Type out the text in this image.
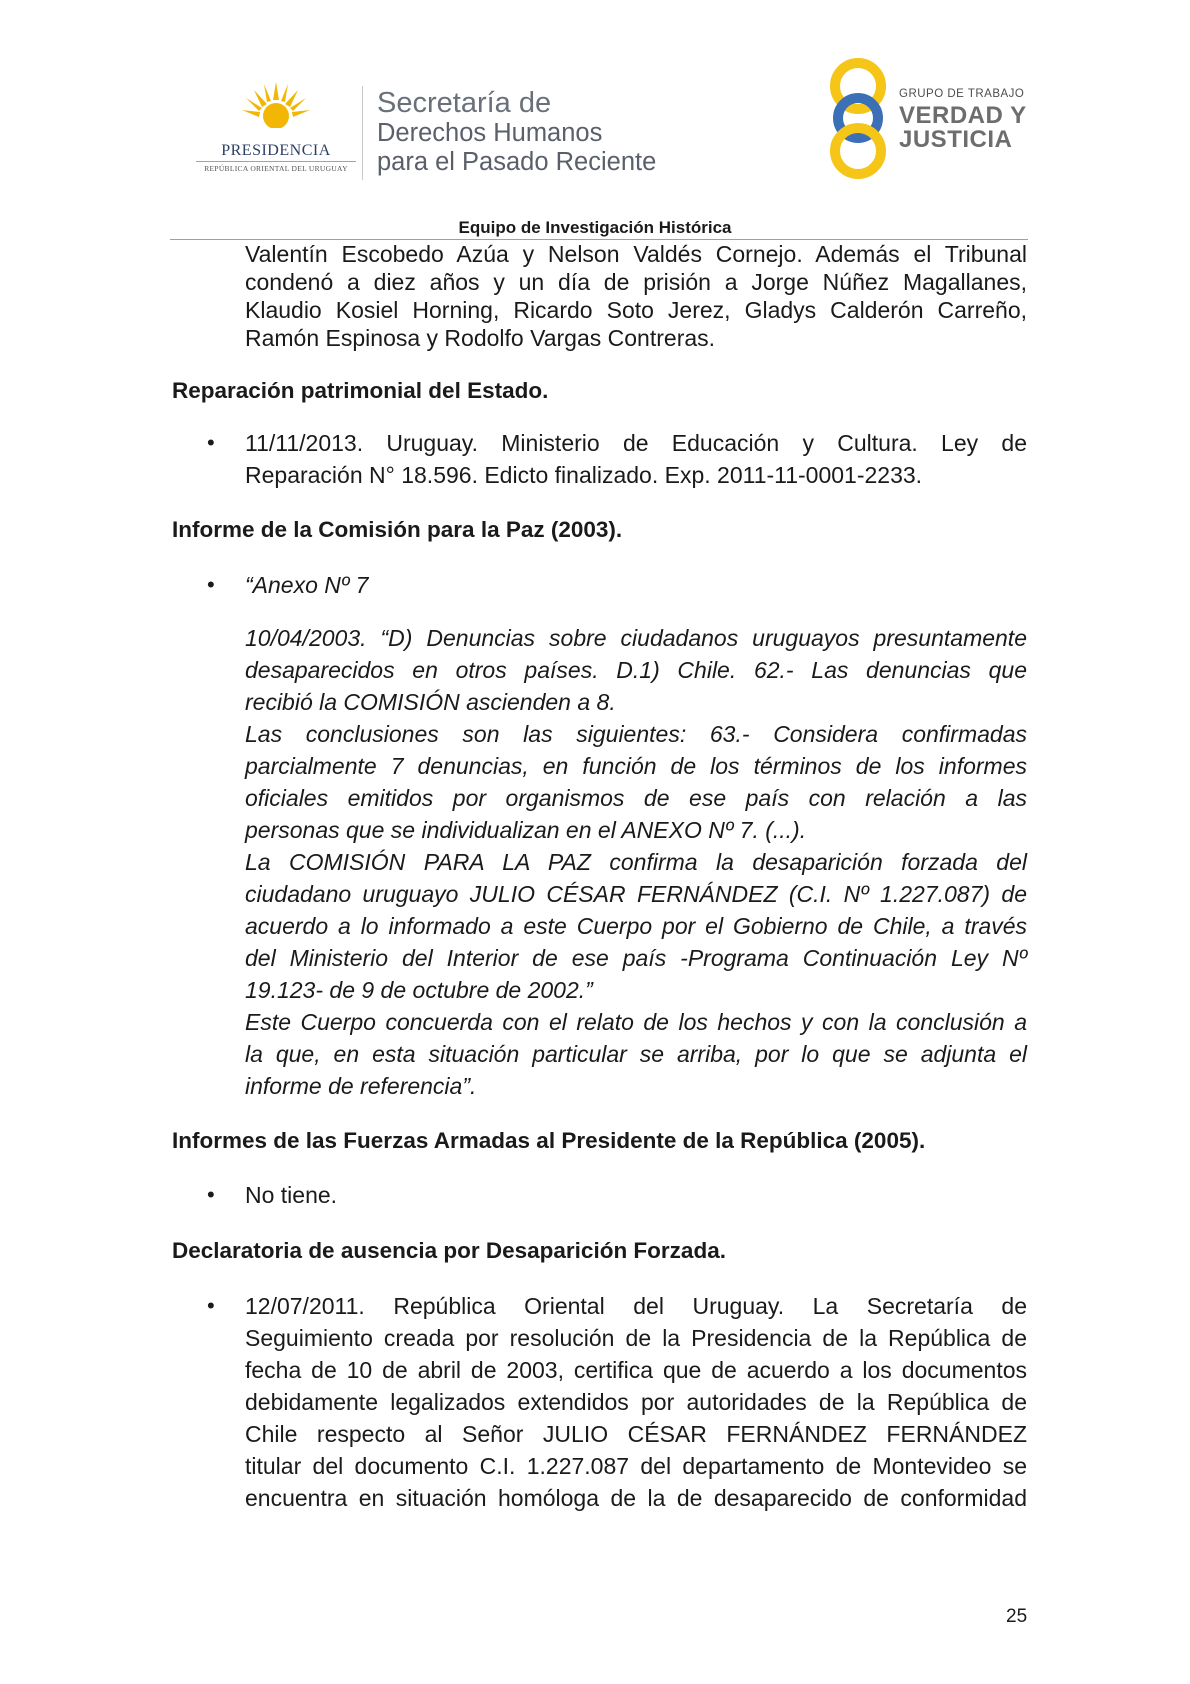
PRESIDENCIA
REPÚBLICA ORIENTAL DEL URUGUAY
Secretaría de
Derechos Humanos
para el Pasado Reciente
GRUPO DE TRABAJO
VERDAD Y
JUSTICIA
Equipo de Investigación Histórica
Valentín Escobedo Azúa y Nelson Valdés Cornejo. Además el Tribunal
condenó a diez años y un día de prisión a Jorge Núñez Magallanes,
Klaudio Kosiel Horning, Ricardo Soto Jerez, Gladys Calderón Carreño,
Ramón Espinosa y Rodolfo Vargas Contreras.
Reparación patrimonial del Estado.
• 11/11/2013. Uruguay. Ministerio de Educación y Cultura. Ley de
Reparación N° 18.596. Edicto finalizado. Exp. 2011-11-0001-2233.
Informe de la Comisión para la Paz (2003).
• “Anexo Nº 7
10/04/2003. “D) Denuncias sobre ciudadanos uruguayos presuntamente
desaparecidos en otros países. D.1) Chile. 62.- Las denuncias que
recibió la COMISIÓN ascienden a 8.
Las conclusiones son las siguientes: 63.- Considera confirmadas
parcialmente 7 denuncias, en función de los términos de los informes
oficiales emitidos por organismos de ese país con relación a las
personas que se individualizan en el ANEXO Nº 7. (...).
La COMISIÓN PARA LA PAZ confirma la desaparición forzada del
ciudadano uruguayo JULIO CÉSAR FERNÁNDEZ (C.I. Nº 1.227.087) de
acuerdo a lo informado a este Cuerpo por el Gobierno de Chile, a través
del Ministerio del Interior de ese país -Programa Continuación Ley Nº
19.123- de 9 de octubre de 2002.”
Este Cuerpo concuerda con el relato de los hechos y con la conclusión a
la que, en esta situación particular se arriba, por lo que se adjunta el
informe de referencia”.
Informes de las Fuerzas Armadas al Presidente de la República (2005).
• No tiene.
Declaratoria de ausencia por Desaparición Forzada.
• 12/07/2011. República Oriental del Uruguay. La Secretaría de
Seguimiento creada por resolución de la Presidencia de la República de
fecha de 10 de abril de 2003, certifica que de acuerdo a los documentos
debidamente legalizados extendidos por autoridades de la República de
Chile respecto al Señor JULIO CÉSAR FERNÁNDEZ FERNÁNDEZ
titular del documento C.I. 1.227.087 del departamento de Montevideo se
encuentra en situación homóloga de la de desaparecido de conformidad
25
